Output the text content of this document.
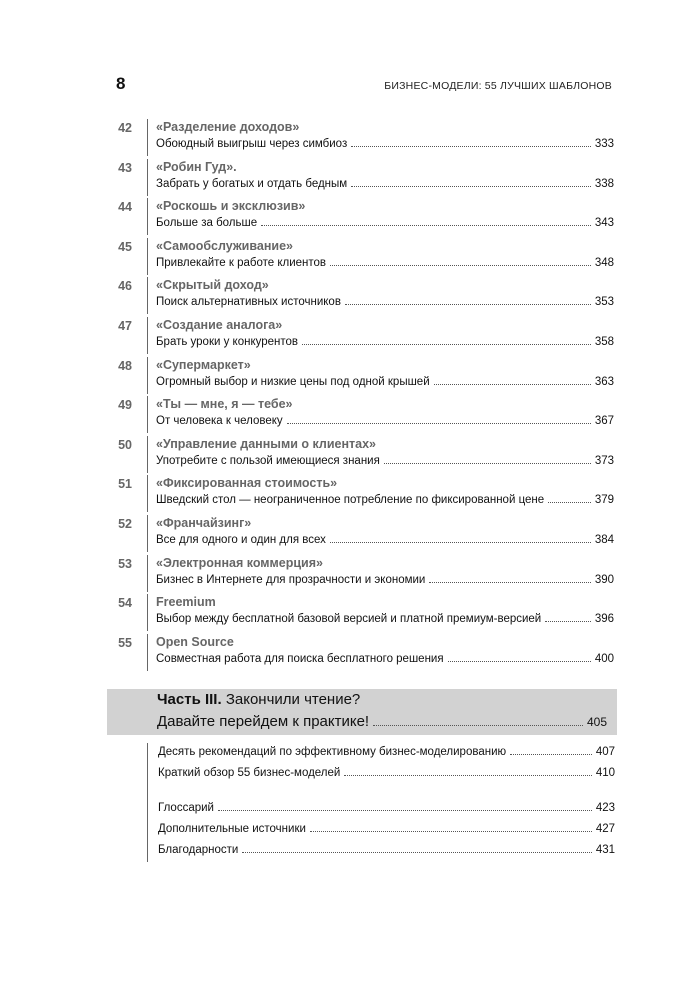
8	БИЗНЕС-МОДЕЛИ: 55 ЛУЧШИХ ШАБЛОНОВ
42 «Разделение доходов»
Обоюдный выигрыш через симбиоз	333
43 «Робин Гуд».
Забрать у богатых и отдать бедным	338
44 «Роскошь и эксклюзив»
Больше за больше	343
45 «Самообслуживание»
Привлекайте к работе клиентов	348
46 «Скрытый доход»
Поиск альтернативных источников	353
47 «Создание аналога»
Брать уроки у конкурентов	358
48 «Супермаркет»
Огромный выбор и низкие цены под одной крышей	363
49 «Ты — мне, я — тебе»
От человека к человеку	367
50 «Управление данными о клиентах»
Употребите с пользой имеющиеся знания	373
51 «Фиксированная стоимость»
Шведский стол — неограниченное потребление по фиксированной цене	379
52 «Франчайзинг»
Все для одного и один для всех	384
53 «Электронная коммерция»
Бизнес в Интернете для прозрачности и экономии	390
54 Freemium
Выбор между бесплатной базовой версией и платной премиум-версией	396
55 Open Source
Совместная работа для поиска бесплатного решения	400
Часть III. Закончили чтение?
Давайте перейдем к практике!	405
Десять рекомендаций по эффективному бизнес-моделированию	407
Краткий обзор 55 бизнес-моделей	410
Глоссарий	423
Дополнительные источники	427
Благодарности	431
